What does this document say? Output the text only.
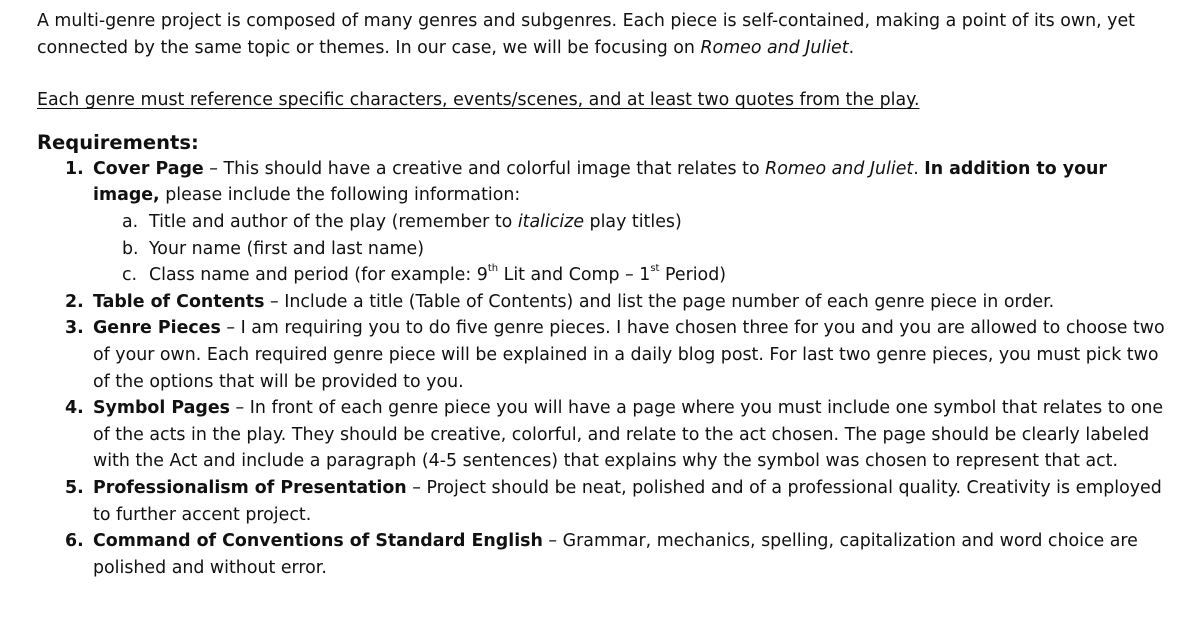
A multi-genre project is composed of many genres and subgenres. Each piece is self-contained, making a point of its own, yet connected by the same topic or themes. In our case, we will be focusing on Romeo and Juliet.

Each genre must reference specific characters, events/scenes, and at least two quotes from the play.

Requirements:
1. Cover Page – This should have a creative and colorful image that relates to Romeo and Juliet. In addition to your image, please include the following information:
a. Title and author of the play (remember to italicize play titles)
b. Your name (first and last name)
c. Class name and period (for example: 9th Lit and Comp – 1st Period)
2. Table of Contents – Include a title (Table of Contents) and list the page number of each genre piece in order.
3. Genre Pieces – I am requiring you to do five genre pieces. I have chosen three for you and you are allowed to choose two of your own. Each required genre piece will be explained in a daily blog post. For last two genre pieces, you must pick two of the options that will be provided to you.
4. Symbol Pages – In front of each genre piece you will have a page where you must include one symbol that relates to one of the acts in the play. They should be creative, colorful, and relate to the act chosen. The page should be clearly labeled with the Act and include a paragraph (4-5 sentences) that explains why the symbol was chosen to represent that act.
5. Professionalism of Presentation – Project should be neat, polished and of a professional quality. Creativity is employed to further accent project.
6. Command of Conventions of Standard English – Grammar, mechanics, spelling, capitalization and word choice are polished and without error.
